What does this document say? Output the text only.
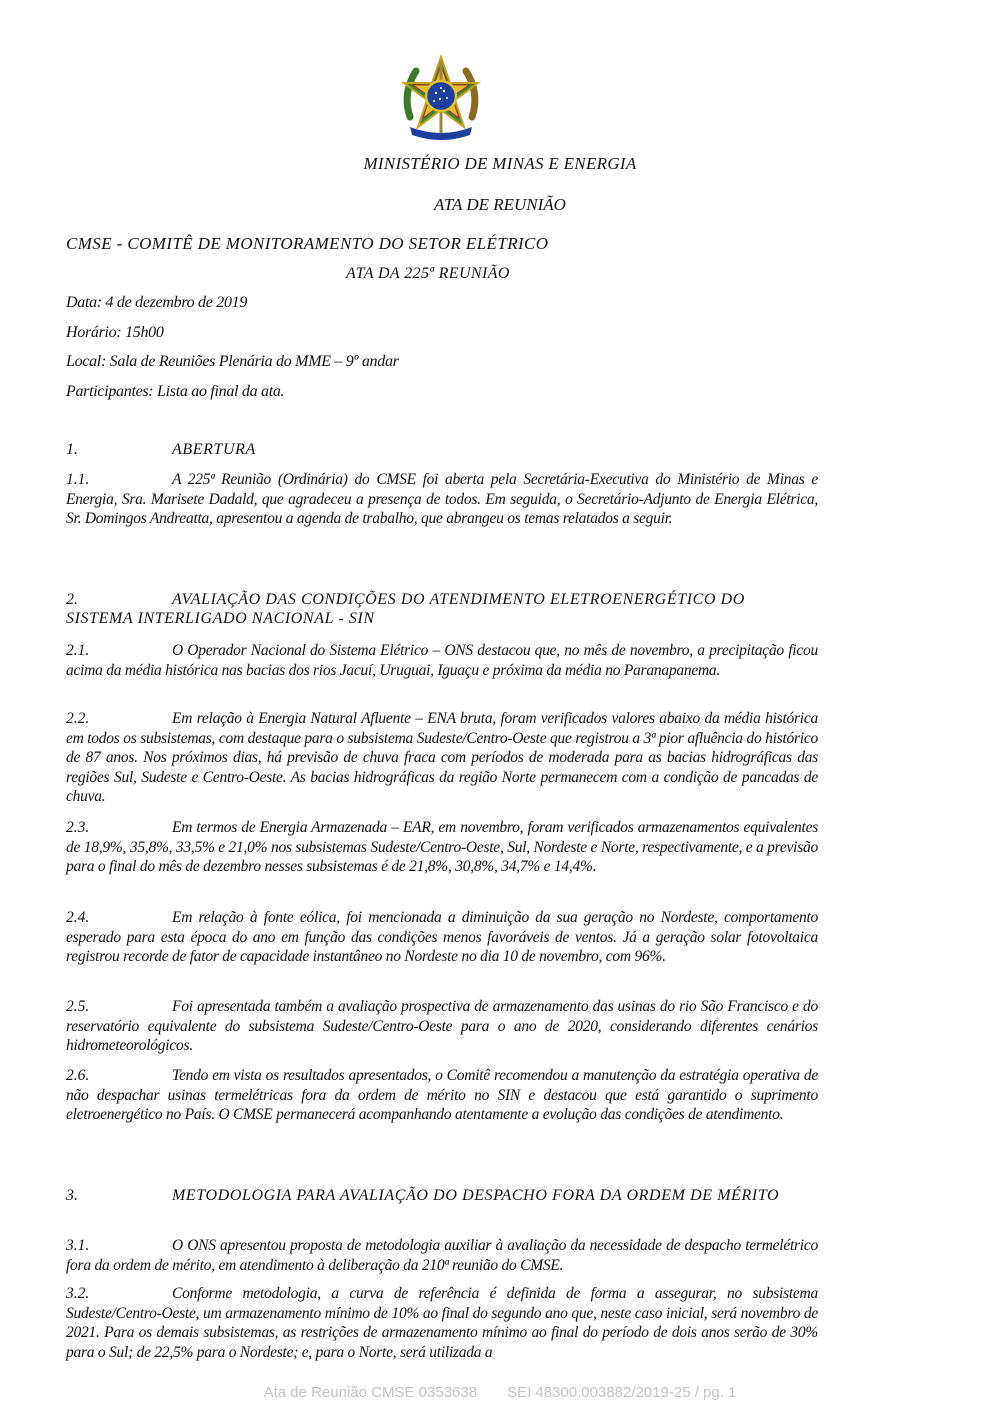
MINISTÉRIO DE MINAS E ENERGIA
ATA DE REUNIÃO
CMSE - COMITÊ DE MONITORAMENTO DO SETOR ELÉTRICO
ATA DA 225ª REUNIÃO
Data: 4 de dezembro de 2019
Horário: 15h00
Local: Sala de Reuniões Plenária do MME – 9º andar
Participantes: Lista ao final da ata.
1.	ABERTURA
1.1.	A 225ª Reunião (Ordinária) do CMSE foi aberta pela Secretária-Executiva do Ministério de Minas e Energia, Sra. Marisete Dadald, que agradeceu a presença de todos. Em seguida, o Secretário-Adjunto de Energia Elétrica, Sr. Domingos Andreatta, apresentou a agenda de trabalho, que abrangeu os temas relatados a seguir.
2.	AVALIAÇÃO DAS CONDIÇÕES DO ATENDIMENTO ELETROENERGÉTICO DO SISTEMA INTERLIGADO NACIONAL - SIN
2.1.	O Operador Nacional do Sistema Elétrico – ONS destacou que, no mês de novembro, a precipitação ficou acima da média histórica nas bacias dos rios Jacuí, Uruguai, Iguaçu e próxima da média no Paranapanema.
2.2.	Em relação à Energia Natural Afluente – ENA bruta, foram verificados valores abaixo da média histórica em todos os subsistemas, com destaque para o subsistema Sudeste/Centro-Oeste que registrou a 3ª pior afluência do histórico de 87 anos. Nos próximos dias, há previsão de chuva fraca com períodos de moderada para as bacias hidrográficas das regiões Sul, Sudeste e Centro-Oeste. As bacias hidrográficas da região Norte permanecem com a condição de pancadas de chuva.
2.3.	Em termos de Energia Armazenada – EAR, em novembro, foram verificados armazenamentos equivalentes de 18,9%, 35,8%, 33,5% e 21,0% nos subsistemas Sudeste/Centro-Oeste, Sul, Nordeste e Norte, respectivamente, e a previsão para o final do mês de dezembro nesses subsistemas é de 21,8%, 30,8%, 34,7% e 14,4%.
2.4.	Em relação à fonte eólica, foi mencionada a diminuição da sua geração no Nordeste, comportamento esperado para esta época do ano em função das condições menos favoráveis de ventos. Já a geração solar fotovoltaica registrou recorde de fator de capacidade instantâneo no Nordeste no dia 10 de novembro, com 96%.
2.5.	Foi apresentada também a avaliação prospectiva de armazenamento das usinas do rio São Francisco e do reservatório equivalente do subsistema Sudeste/Centro-Oeste para o ano de 2020, considerando diferentes cenários hidrometeorológicos.
2.6.	Tendo em vista os resultados apresentados, o Comitê recomendou a manutenção da estratégia operativa de não despachar usinas termelétricas fora da ordem de mérito no SIN e destacou que está garantido o suprimento eletroenergético no País. O CMSE permanecerá acompanhando atentamente a evolução das condições de atendimento.
3.	METODOLOGIA PARA AVALIAÇÃO DO DESPACHO FORA DA ORDEM DE MÉRITO
3.1.	O ONS apresentou proposta de metodologia auxiliar à avaliação da necessidade de despacho termelétrico fora da ordem de mérito, em atendimento à deliberação da 210ª reunião do CMSE.
3.2.	Conforme metodologia, a curva de referência é definida de forma a assegurar, no subsistema Sudeste/Centro-Oeste, um armazenamento mínimo de 10% ao final do segundo ano que, neste caso inicial, será novembro de 2021. Para os demais subsistemas, as restrições de armazenamento mínimo ao final do período de dois anos serão de 30% para o Sul; de 22,5% para o Nordeste; e, para o Norte, será utilizada a
Ata de Reunião CMSE 0353638 SEI 48300.003882/2019-25 / pg. 1
